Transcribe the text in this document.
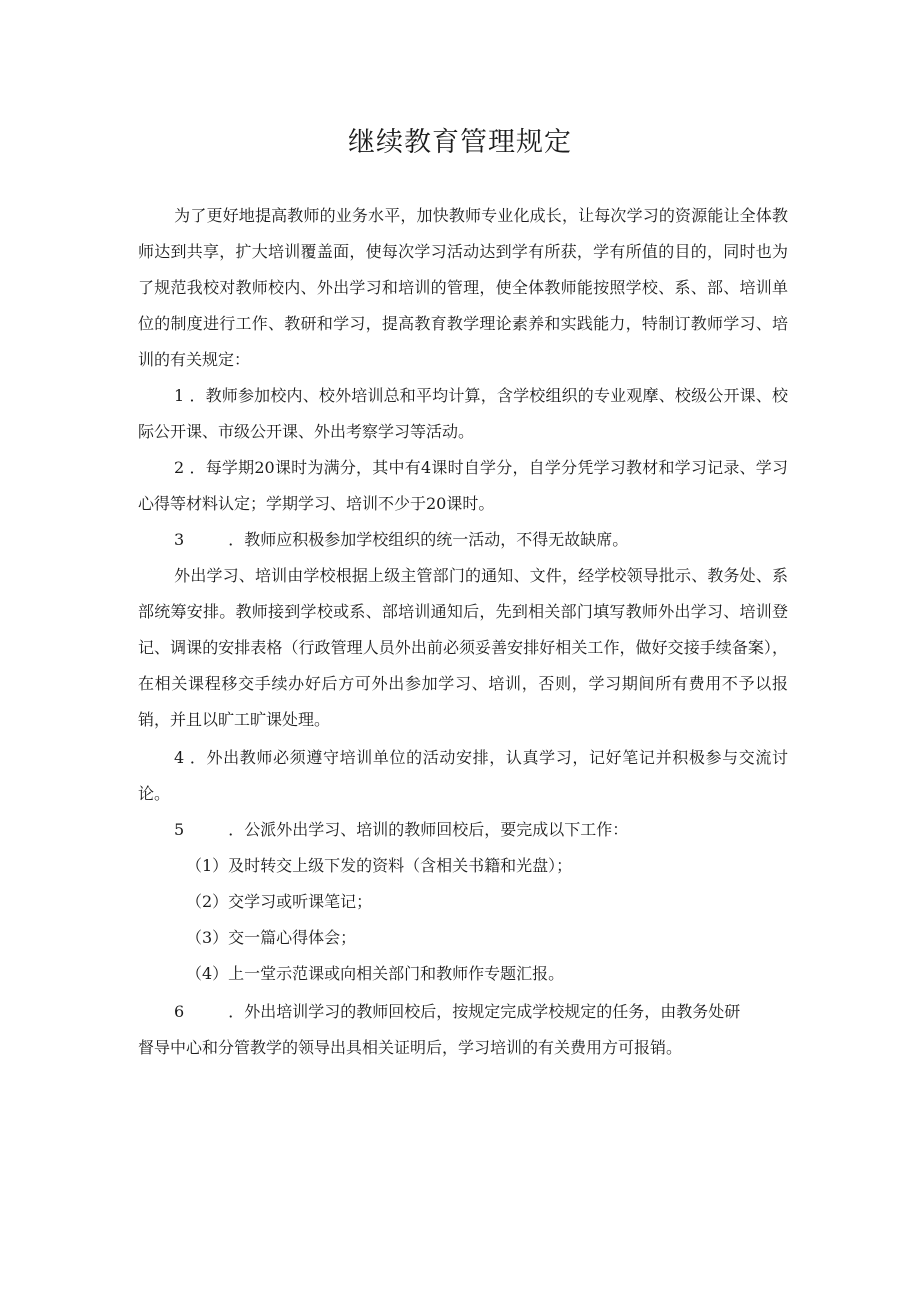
继续教育管理规定
为了更好地提高教师的业务水平，加快教师专业化成长，让每次学习的资源能让全体教师达到共享，扩大培训覆盖面，使每次学习活动达到学有所获，学有所值的目的，同时也为了规范我校对教师校内、外出学习和培训的管理，使全体教师能按照学校、系、部、培训单位的制度进行工作、教研和学习，提高教育教学理论素养和实践能力，特制订教师学习、培训的有关规定：
1 ．教师参加校内、校外培训总和平均计算，含学校组织的专业观摩、校级公开课、校际公开课、市级公开课、外出考察学习等活动。
2 ．每学期20课时为满分，其中有4课时自学分，自学分凭学习教材和学习记录、学习心得等材料认定；学期学习、培训不少于20课时。
3	．教师应积极参加学校组织的统一活动，不得无故缺席。
外出学习、培训由学校根据上级主管部门的通知、文件，经学校领导批示、教务处、系部统筹安排。教师接到学校或系、部培训通知后，先到相关部门填写教师外出学习、培训登记、调课的安排表格（行政管理人员外出前必须妥善安排好相关工作，做好交接手续备案），在相关课程移交手续办好后方可外出参加学习、培训，否则，学习期间所有费用不予以报销，并且以旷工旷课处理。
4 ．外出教师必须遵守培训单位的活动安排，认真学习，记好笔记并积极参与交流讨论。
5	．公派外出学习、培训的教师回校后，要完成以下工作：
（1）及时转交上级下发的资料（含相关书籍和光盘）；
（2）交学习或听课笔记；
（3）交一篇心得体会；
（4）上一堂示范课或向相关部门和教师作专题汇报。
6	．外出培训学习的教师回校后，按规定完成学校规定的任务，由教务处研
督导中心和分管教学的领导出具相关证明后，学习培训的有关费用方可报销。
